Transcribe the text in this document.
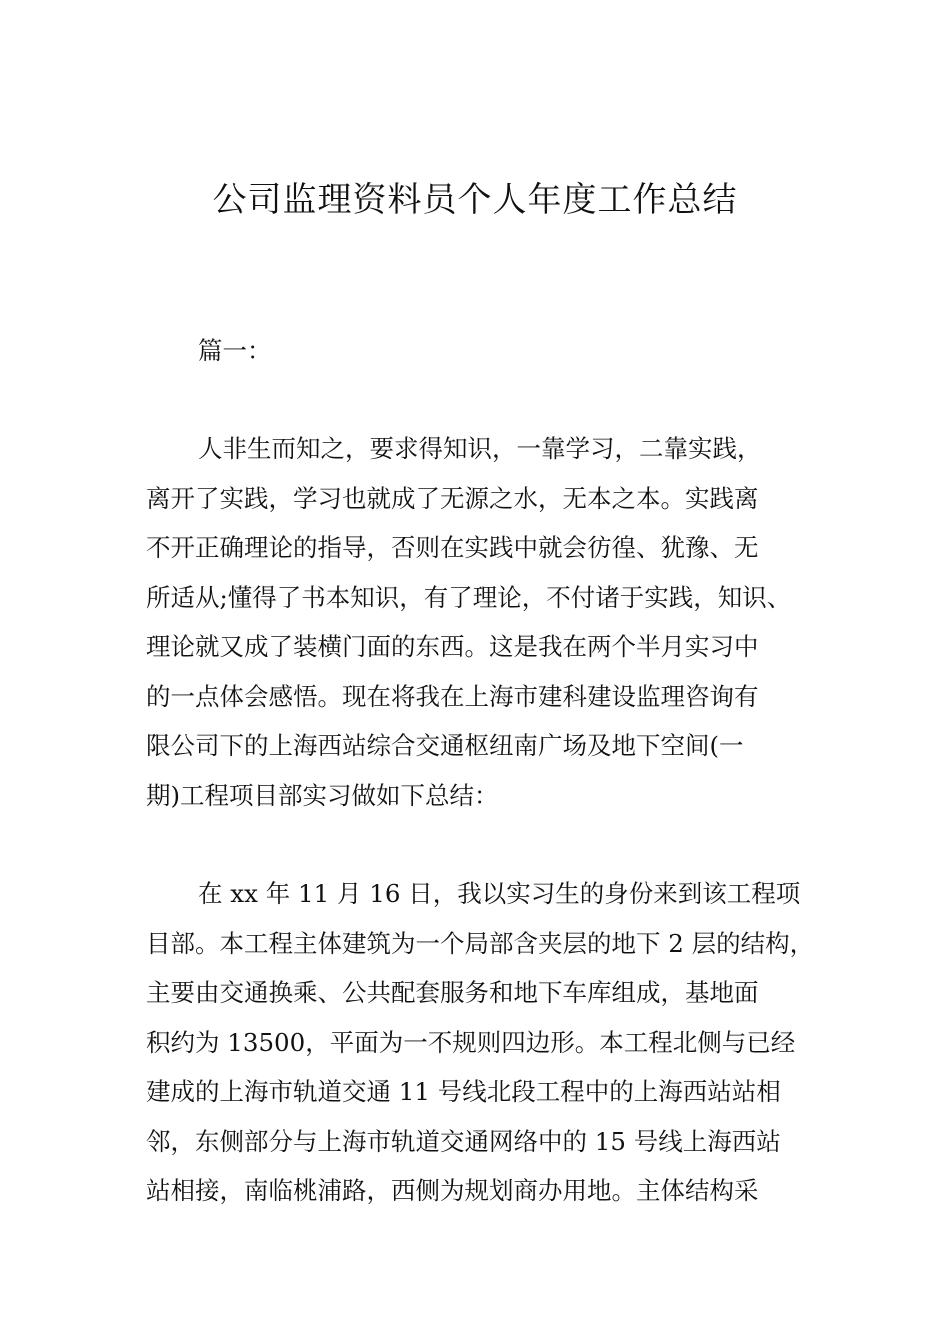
公司监理资料员个人年度工作总结
篇一：
人非生而知之，要求得知识，一靠学习，二靠实践，
离开了实践，学习也就成了无源之水，无本之本。实践离
不开正确理论的指导，否则在实践中就会彷徨、犹豫、无
所适从;懂得了书本知识，有了理论，不付诸于实践，知识、
理论就又成了装横门面的东西。这是我在两个半月实习中
的一点体会感悟。现在将我在上海市建科建设监理咨询有
限公司下的上海西站综合交通枢纽南广场及地下空间(一
期)工程项目部实习做如下总结：
在 xx 年 11 月 16 日，我以实习生的身份来到该工程项
目部。本工程主体建筑为一个局部含夹层的地下 2 层的结构，
主要由交通换乘、公共配套服务和地下车库组成，基地面
积约为 13500，平面为一不规则四边形。本工程北侧与已经
建成的上海市轨道交通 11 号线北段工程中的上海西站站相
邻，东侧部分与上海市轨道交通网络中的 15 号线上海西站
站相接，南临桃浦路，西侧为规划商办用地。主体结构采
